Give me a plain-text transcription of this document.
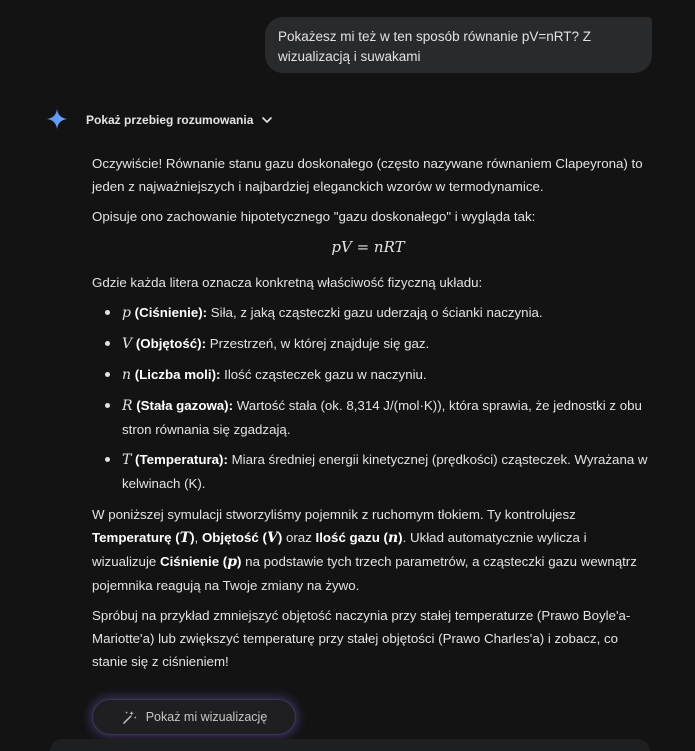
Pokażesz mi też w ten sposób równanie pV=nRT? Z wizualizacją i suwakami
Pokaż przebieg rozumowania

Oczywiście! Równanie stanu gazu doskonałego (często nazywane równaniem Clapeyrona) to jeden z najważniejszych i najbardziej eleganckich wzorów w termodynamice.

Opisuje ono zachowanie hipotetycznego "gazu doskonałego" i wygląda tak:

pV = nRT

Gdzie każda litera oznacza konkretną właściwość fizyczną układu:

p (Ciśnienie): Siła, z jaką cząsteczki gazu uderzają o ścianki naczynia.
V (Objętość): Przestrzeń, w której znajduje się gaz.
n (Liczba moli): Ilość cząsteczek gazu w naczyniu.
R (Stała gazowa): Wartość stała (ok. 8,314 J/(mol·K)), która sprawia, że jednostki z obu stron równania się zgadzają.
T (Temperatura): Miara średniej energii kinetycznej (prędkości) cząsteczek. Wyrażana w kelwinach (K).

W poniższej symulacji stworzyliśmy pojemnik z ruchomym tłokiem. Ty kontrolujesz Temperaturę (T), Objętość (V) oraz Ilość gazu (n). Układ automatycznie wylicza i wizualizuje Ciśnienie (p) na podstawie tych trzech parametrów, a cząsteczki gazu wewnątrz pojemnika reagują na Twoje zmiany na żywo.

Spróbuj na przykład zmniejszyć objętość naczynia przy stałej temperaturze (Prawo Boyle'a-Mariotte'a) lub zwiększyć temperaturę przy stałej objętości (Prawo Charles'a) i zobacz, co stanie się z ciśnieniem!

Pokaż mi wizualizację
